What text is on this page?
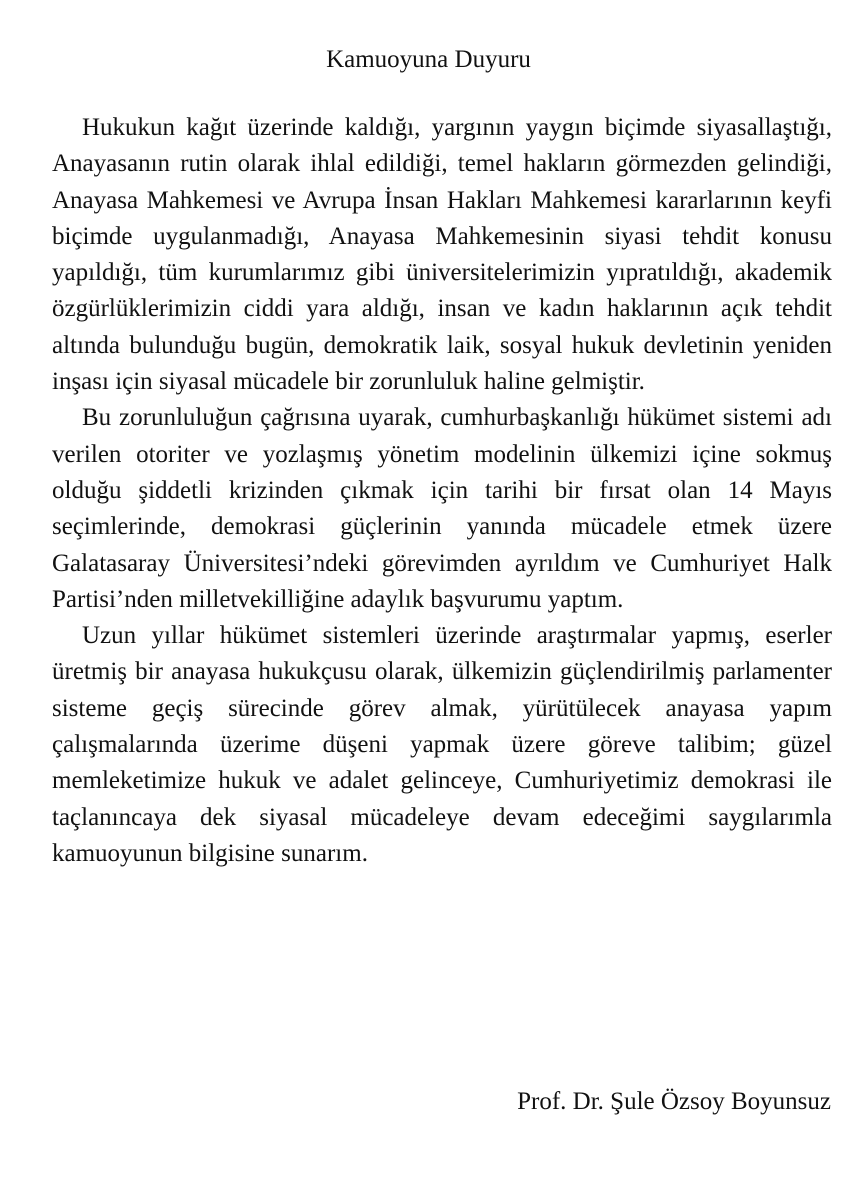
Kamuoyuna Duyuru

Hukukun kağıt üzerinde kaldığı, yargının yaygın biçimde siyasallaştığı, Anayasanın rutin olarak ihlal edildiği, temel hakların görmezden gelindiği, Anayasa Mahkemesi ve Avrupa İnsan Hakları Mahkemesi kararlarının keyfi biçimde uygulanmadığı, Anayasa Mahkemesinin siyasi tehdit konusu yapıldığı, tüm kurumlarımız gibi üniversitelerimizin yıpratıldığı, akademik özgürlüklerimizin ciddi yara aldığı, insan ve kadın haklarının açık tehdit altında bulunduğu bugün, demokratik laik, sosyal hukuk devletinin yeniden inşası için siyasal mücadele bir zorunluluk haline gelmiştir.

Bu zorunluluğun çağrısına uyarak, cumhurbaşkanlığı hükümet sistemi adı verilen otoriter ve yozlaşmış yönetim modelinin ülkemizi içine sokmuş olduğu şiddetli krizinden çıkmak için tarihi bir fırsat olan 14 Mayıs seçimlerinde, demokrasi güçlerinin yanında mücadele etmek üzere Galatasaray Üniversitesi’ndeki görevimden ayrıldım ve Cumhuriyet Halk Partisi’nden milletvekilliğine adaylık başvurumu yaptım.

Uzun yıllar hükümet sistemleri üzerinde araştırmalar yapmış, eserler üretmiş bir anayasa hukukçusu olarak, ülkemizin güçlendirilmiş parlamenter sisteme geçiş sürecinde görev almak, yürütülecek anayasa yapım çalışmalarında üzerime düşeni yapmak üzere göreve talibim; güzel memleketimize hukuk ve adalet gelinceye, Cumhuriyetimiz demokrasi ile taçlanıncaya dek siyasal mücadeleye devam edeceğimi saygılarımla kamuoyunun bilgisine sunarım.

Prof. Dr. Şule Özsoy Boyunsuz
